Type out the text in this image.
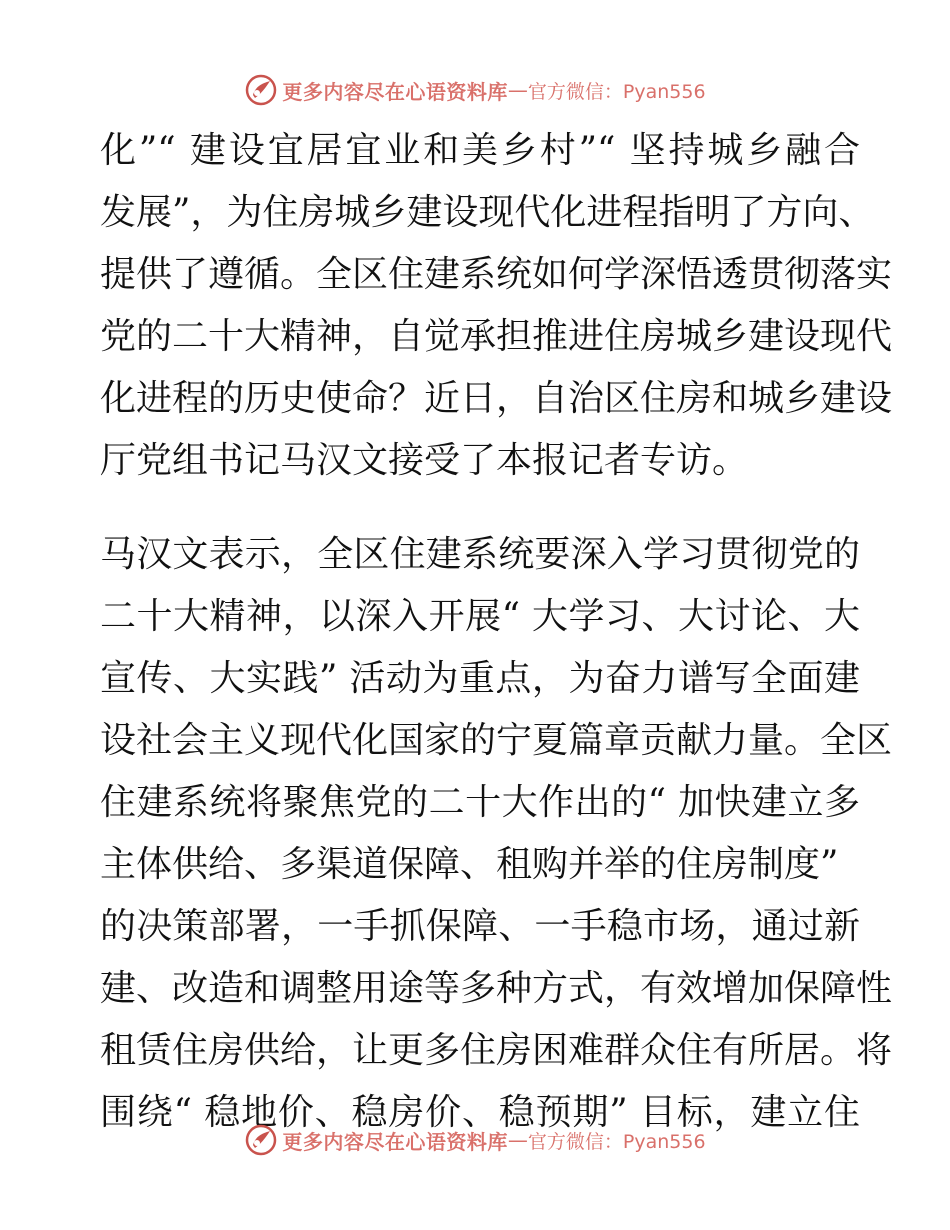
更多内容尽在心语资料库 — 官方微信：Pyan556
化”“ 建设宜居宜业和美乡村”“ 坚持城乡融合
发展”，为住房城乡建设现代化进程指明了方向、
提供了遵循。全区住建系统如何学深悟透贯彻落实
党的二十大精神，自觉承担推进住房城乡建设现代
化进程的历史使命？近日，自治区住房和城乡建设
厅党组书记马汉文接受了本报记者专访。
马汉文表示，全区住建系统要深入学习贯彻党的
二十大精神，以深入开展“ 大学习、大讨论、大
宣传、大实践” 活动为重点，为奋力谱写全面建
设社会主义现代化国家的宁夏篇章贡献力量。全区
住建系统将聚焦党的二十大作出的“ 加快建立多
主体供给、多渠道保障、租购并举的住房制度”
的决策部署，一手抓保障、一手稳市场，通过新
建、改造和调整用途等多种方式，有效增加保障性
租赁住房供给，让更多住房困难群众住有所居。将
围绕“ 稳地价、稳房价、稳预期” 目标，建立住
更多内容尽在心语资料库 — 官方微信：Pyan556
